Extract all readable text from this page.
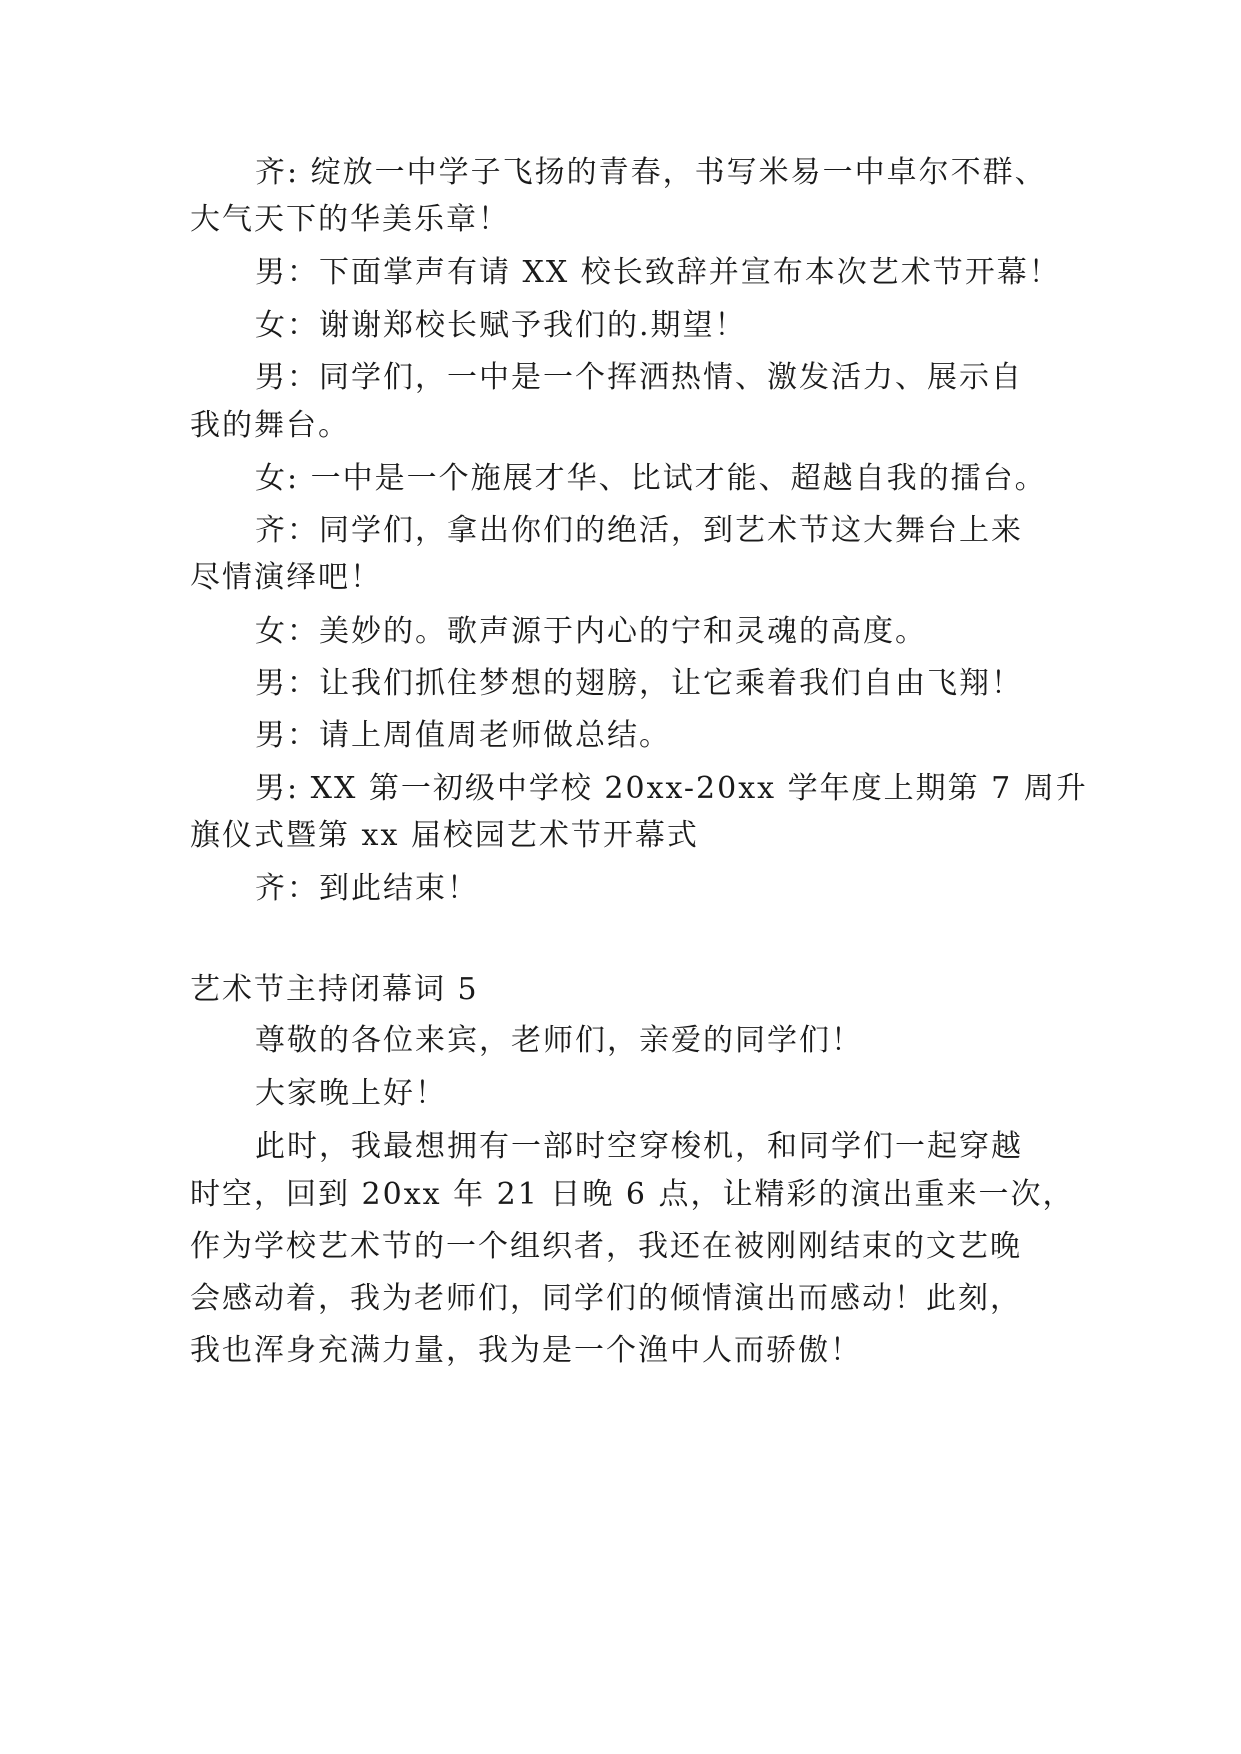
齐: 绽放一中学子飞扬的青春，书写米易一中卓尔不群、
大气天下的华美乐章！
男：下面掌声有请 XX 校长致辞并宣布本次艺术节开幕！
女：谢谢郑校长赋予我们的.期望！
男：同学们，一中是一个挥洒热情、激发活力、展示自
我的舞台。
女: 一中是一个施展才华、比试才能、超越自我的擂台。
齐：同学们，拿出你们的绝活，到艺术节这大舞台上来
尽情演绎吧！
女：美妙的。歌声源于内心的宁和灵魂的高度。
男：让我们抓住梦想的翅膀，让它乘着我们自由飞翔！
男：请上周值周老师做总结。
男: XX 第一初级中学校 20xx-20xx 学年度上期第 7 周升
旗仪式暨第 xx 届校园艺术节开幕式
齐：到此结束！
艺术节主持闭幕词 5
尊敬的各位来宾，老师们，亲爱的同学们！
大家晚上好！
此时，我最想拥有一部时空穿梭机，和同学们一起穿越
时空，回到 20xx 年 21 日晚 6 点，让精彩的演出重来一次，
作为学校艺术节的一个组织者，我还在被刚刚结束的文艺晚
会感动着，我为老师们，同学们的倾情演出而感动！此刻，
我也浑身充满力量，我为是一个渔中人而骄傲！
